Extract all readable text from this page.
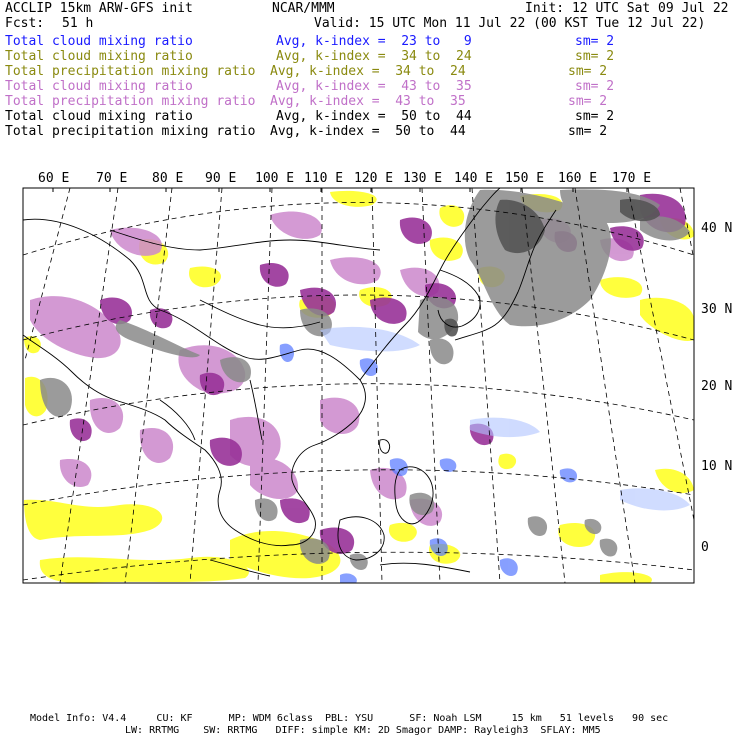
ACCLIP 15km ARW-GFS init	NCAR/MMM	Init: 12 UTC Sat 09 Jul 22
Fcst: 51 h	Valid: 15 UTC Mon 11 Jul 22 (00 KST Tue 12 Jul 22)
Total cloud mixing ratio	Avg, k-index =  23 to   9	sm= 2
Total cloud mixing ratio	Avg, k-index =  34 to  24	sm= 2
Total precipitation mixing ratio Avg, k-index =  34 to  24	sm= 2
Total cloud mixing ratio	Avg, k-index =  43 to  35	sm= 2
Total precipitation mixing ratio Avg, k-index =  43 to  35	sm= 2
Total cloud mixing ratio	Avg, k-index =  50 to  44	sm= 2
Total precipitation mixing ratio Avg, k-index =  50 to  44	sm= 2
60 E 70 E 80 E 90 E 100 E 110 E 120 E 130 E 140 E 150 E 160 E 170 E
40 N
30 N
20 N
10 N
0
Model Info: V4.4     CU: KF      MP: WDM 6class  PBL: YSU      SF: Noah LSM     15 km   51 levels   90 sec
LW: RRTMG    SW: RRTMG   DIFF: simple KM: 2D Smagor DAMP: Rayleigh3  SFLAY: MM5
